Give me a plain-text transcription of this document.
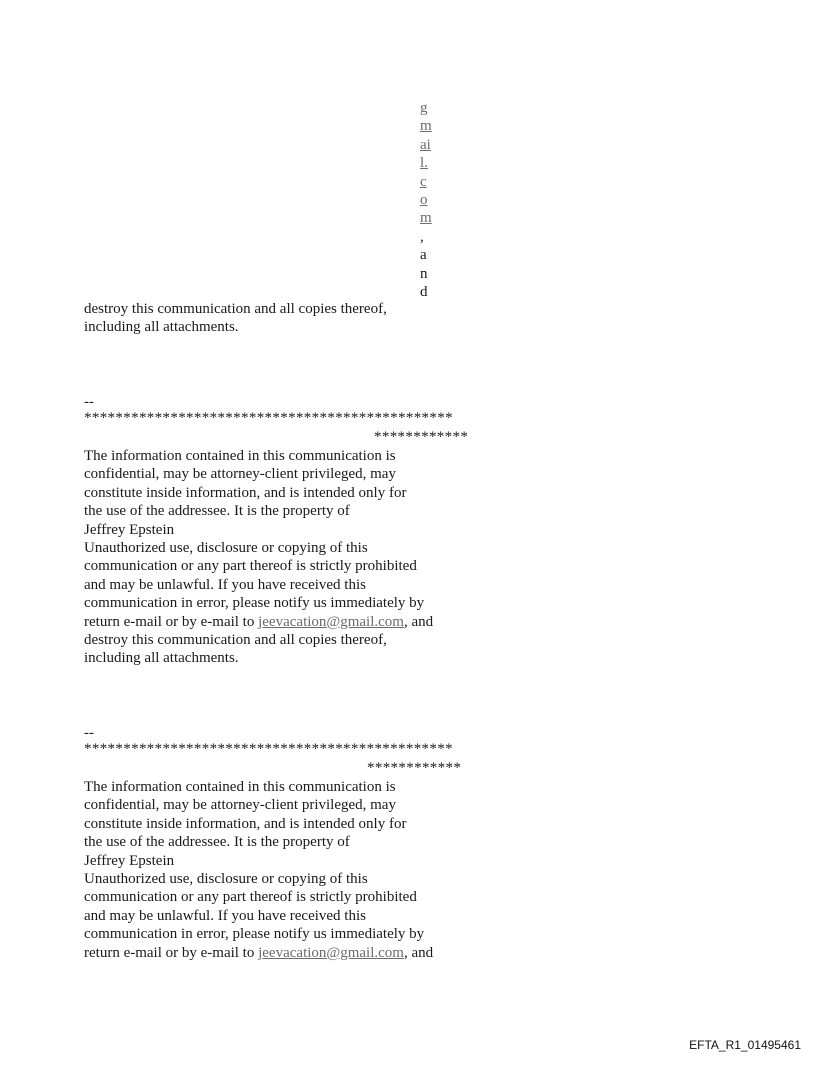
g
m
ai
l.
c
o
m
,
a
n
d
destroy this communication and all copies thereof,
including all attachments.
--
***********************************************
************
The information contained in this communication is
confidential, may be attorney-client privileged, may
constitute inside information, and is intended only for
the use of the addressee. It is the property of
Jeffrey Epstein
Unauthorized use, disclosure or copying of this
communication or any part thereof is strictly prohibited
and may be unlawful. If you have received this
communication in error, please notify us immediately by
return e-mail or by e-mail to jeevacation@gmail.com, and
destroy this communication and all copies thereof,
including all attachments.
--
***********************************************
************
The information contained in this communication is
confidential, may be attorney-client privileged, may
constitute inside information, and is intended only for
the use of the addressee. It is the property of
Jeffrey Epstein
Unauthorized use, disclosure or copying of this
communication or any part thereof is strictly prohibited
and may be unlawful. If you have received this
communication in error, please notify us immediately by
return e-mail or by e-mail to jeevacation@gmail.com, and
EFTA_R1_01495461
